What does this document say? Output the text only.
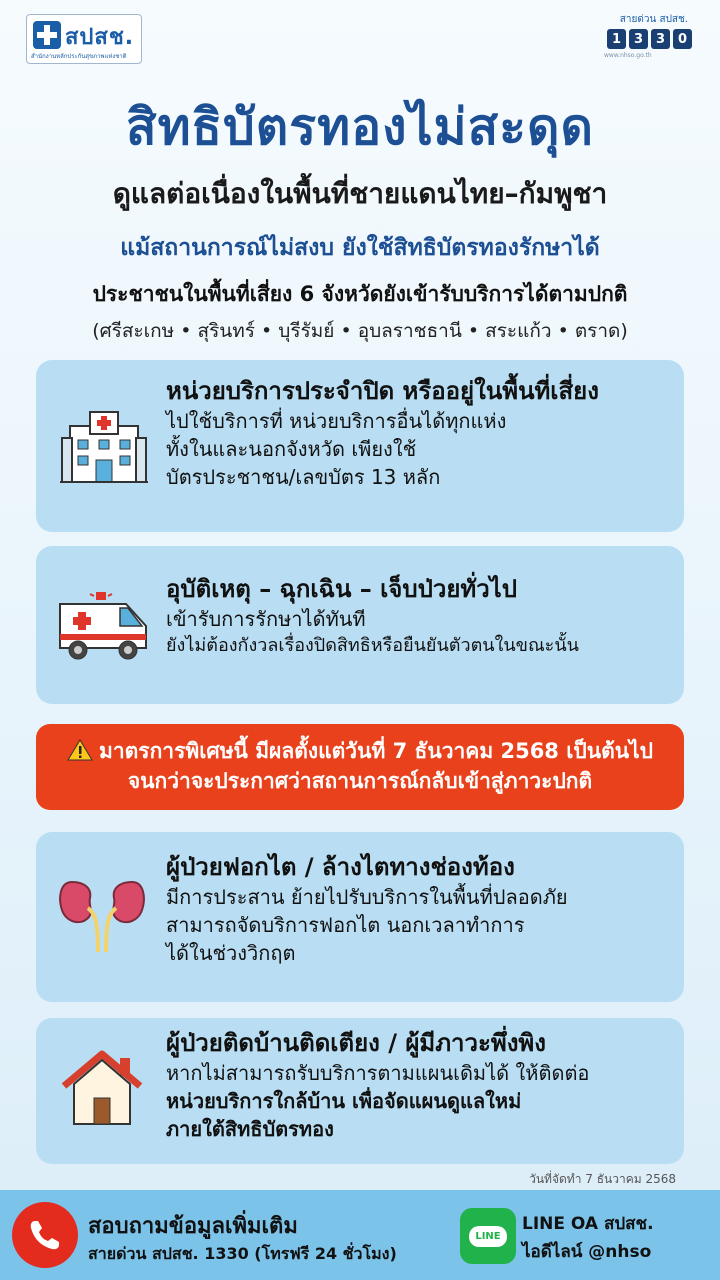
สปสช.
สำนักงานหลักประกันสุขภาพแห่งชาติ
สายด่วน สปสช.
1 3 3 0
www.nhso.go.th
สิทธิบัตรทองไม่สะดุด
ดูแลต่อเนื่องในพื้นที่ชายแดนไทย–กัมพูชา
แม้สถานการณ์ไม่สงบ ยังใช้สิทธิบัตรทองรักษาได้
ประชาชนในพื้นที่เสี่ยง 6 จังหวัดยังเข้ารับบริการได้ตามปกติ
(ศรีสะเกษ • สุรินทร์ • บุรีรัมย์ • อุบลราชธานี • สระแก้ว • ตราด)
หน่วยบริการประจำปิด หรืออยู่ในพื้นที่เสี่ยง
ไปใช้บริการที่ หน่วยบริการอื่นได้ทุกแห่ง
ทั้งในและนอกจังหวัด เพียงใช้
บัตรประชาชน/เลขบัตร 13 หลัก
อุบัติเหตุ – ฉุกเฉิน – เจ็บป่วยทั่วไป
เข้ารับการรักษาได้ทันที
ยังไม่ต้องกังวลเรื่องปิดสิทธิหรือยืนยันตัวตนในขณะนั้น
มาตรการพิเศษนี้ มีผลตั้งแต่วันที่ 7 ธันวาคม 2568 เป็นต้นไป
จนกว่าจะประกาศว่าสถานการณ์กลับเข้าสู่ภาวะปกติ
ผู้ป่วยฟอกไต / ล้างไตทางช่องท้อง
มีการประสาน ย้ายไปรับบริการในพื้นที่ปลอดภัย
สามารถจัดบริการฟอกไต นอกเวลาทำการ
ได้ในช่วงวิกฤต
ผู้ป่วยติดบ้านติดเตียง / ผู้มีภาวะพึ่งพิง
หากไม่สามารถรับบริการตามแผนเดิมได้ ให้ติดต่อ
หน่วยบริการใกล้บ้าน เพื่อจัดแผนดูแลใหม่
ภายใต้สิทธิบัตรทอง
วันที่จัดทำ 7 ธันวาคม 2568
สอบถามข้อมูลเพิ่มเติม
สายด่วน สปสช. 1330 (โทรฟรี 24 ชั่วโมง)
LINE
LINE OA สปสช.
ไอดีไลน์ @nhso
